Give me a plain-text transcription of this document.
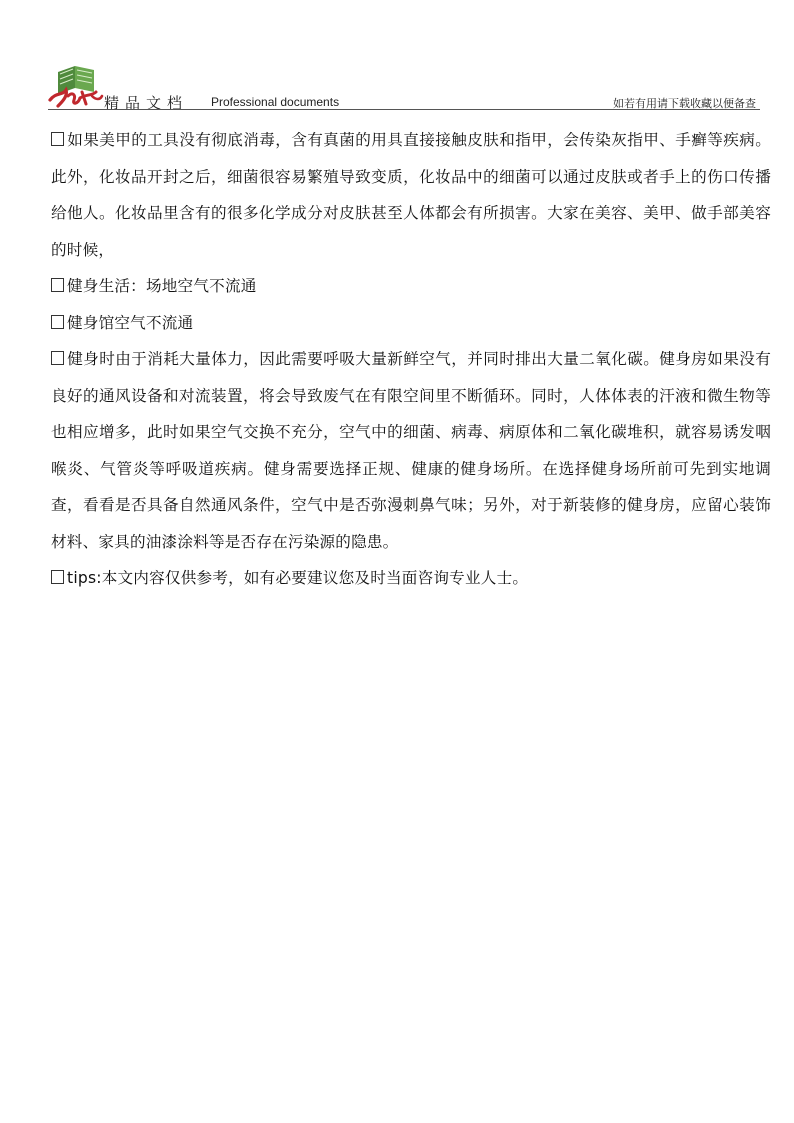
精品文档 Professional documents	如若有用请下载收藏以便备查

如果美甲的工具没有彻底消毒，含有真菌的用具直接接触皮肤和指甲，会传染灰指甲、手癣等疾病。此外，化妆品开封之后，细菌很容易繁殖导致变质，化妆品中的细菌可以通过皮肤或者手上的伤口传播给他人。化妆品里含有的很多化学成分对皮肤甚至人体都会有所损害。大家在美容、美甲、做手部美容的时候，

健身生活：场地空气不流通

健身馆空气不流通

健身时由于消耗大量体力，因此需要呼吸大量新鲜空气，并同时排出大量二氧化碳。健身房如果没有良好的通风设备和对流装置，将会导致废气在有限空间里不断循环。同时，人体体表的汗液和微生物等也相应增多，此时如果空气交换不充分，空气中的细菌、病毒、病原体和二氧化碳堆积，就容易诱发咽喉炎、气管炎等呼吸道疾病。健身需要选择正规、健康的健身场所。在选择健身场所前可先到实地调查，看看是否具备自然通风条件，空气中是否弥漫刺鼻气味；另外，对于新装修的健身房，应留心装饰材料、家具的油漆涂料等是否存在污染源的隐患。

tips:本文内容仅供参考，如有必要建议您及时当面咨询专业人士。
